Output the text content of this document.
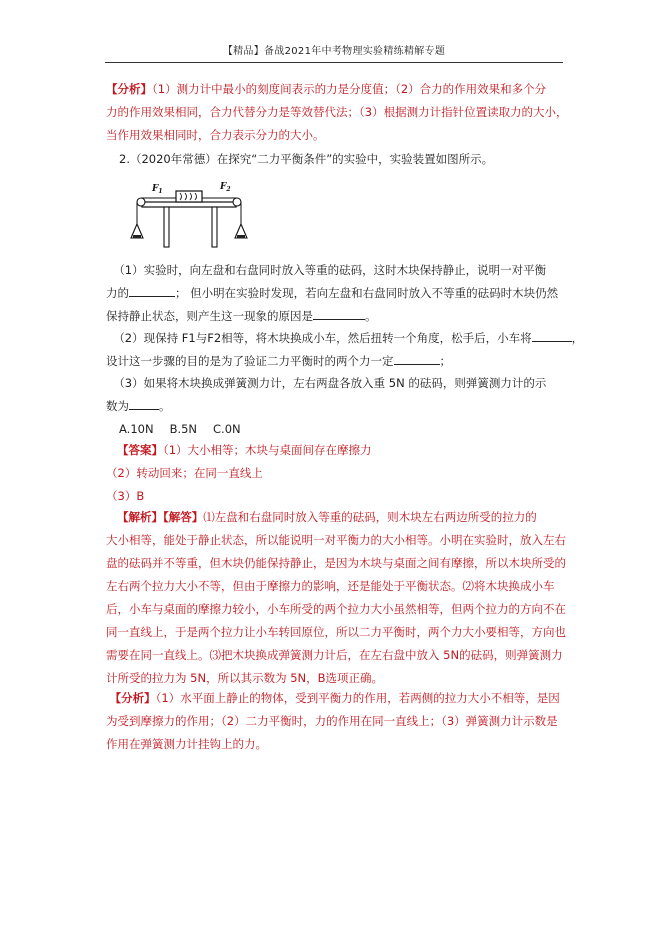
【精品】备战2021年中考物理实验精练精解专题
【分析】（1）测力计中最小的刻度间表示的力是分度值；（2）合力的作用效果和多个分
力的作用效果相同，合力代替分力是等效替代法；（3）根据测力计指针位置读取力的大小，
当作用效果相同时，合力表示分力的大小。
2.（2020年常德）在探究“二力平衡条件”的实验中，实验装置如图所示。
$F_1$	$F_2$
（1）实验时，向左盘和右盘同时放入等重的砝码，这时木块保持静止，说明一对平衡
力的	； 但小明在实验时发现，若向左盘和右盘同时放入不等重的砝码时木块仍然
保持静止状态，则产生这一现象的原因是	。
（2）现保持 F1与F2相等，将木块换成小车，然后扭转一个角度，松手后，小车将	，
设计这一步骤的目的是为了验证二力平衡时的两个力一定	；
（3）如果将木块换成弹簧测力计，左右两盘各放入重 5N 的砝码，则弹簧测力计的示
数为	。
A.10N B.5N C.0N
【答案】（1）大小相等；木块与桌面间存在摩擦力
（2）转动回来；在同一直线上
（3）B
【解析】【解答】⑴左盘和右盘同时放入等重的砝码，则木块左右两边所受的拉力的
大小相等，能处于静止状态，所以能说明一对平衡力的大小相等。小明在实验时，放入左右
盘的砝码并不等重，但木块仍能保持静止，是因为木块与桌面之间有摩擦，所以木块所受的
左右两个拉力大小不等，但由于摩擦力的影响，还是能处于平衡状态。⑵将木块换成小车
后，小车与桌面的摩擦力较小，小车所受的两个拉力大小虽然相等，但两个拉力的方向不在
同一直线上，于是两个拉力让小车转回原位，所以二力平衡时，两个力大小要相等，方向也
需要在同一直线上。⑶把木块换成弹簧测力计后，在左右盘中放入 5N的砝码，则弹簧测力
计所受的拉力为 5N，所以其示数为 5N，B选项正确。
【分析】（1）水平面上静止的物体，受到平衡力的作用，若两侧的拉力大小不相等，是因
为受到摩擦力的作用；（2）二力平衡时，力的作用在同一直线上；（3）弹簧测力计示数是
作用在弹簧测力计挂钩上的力。
